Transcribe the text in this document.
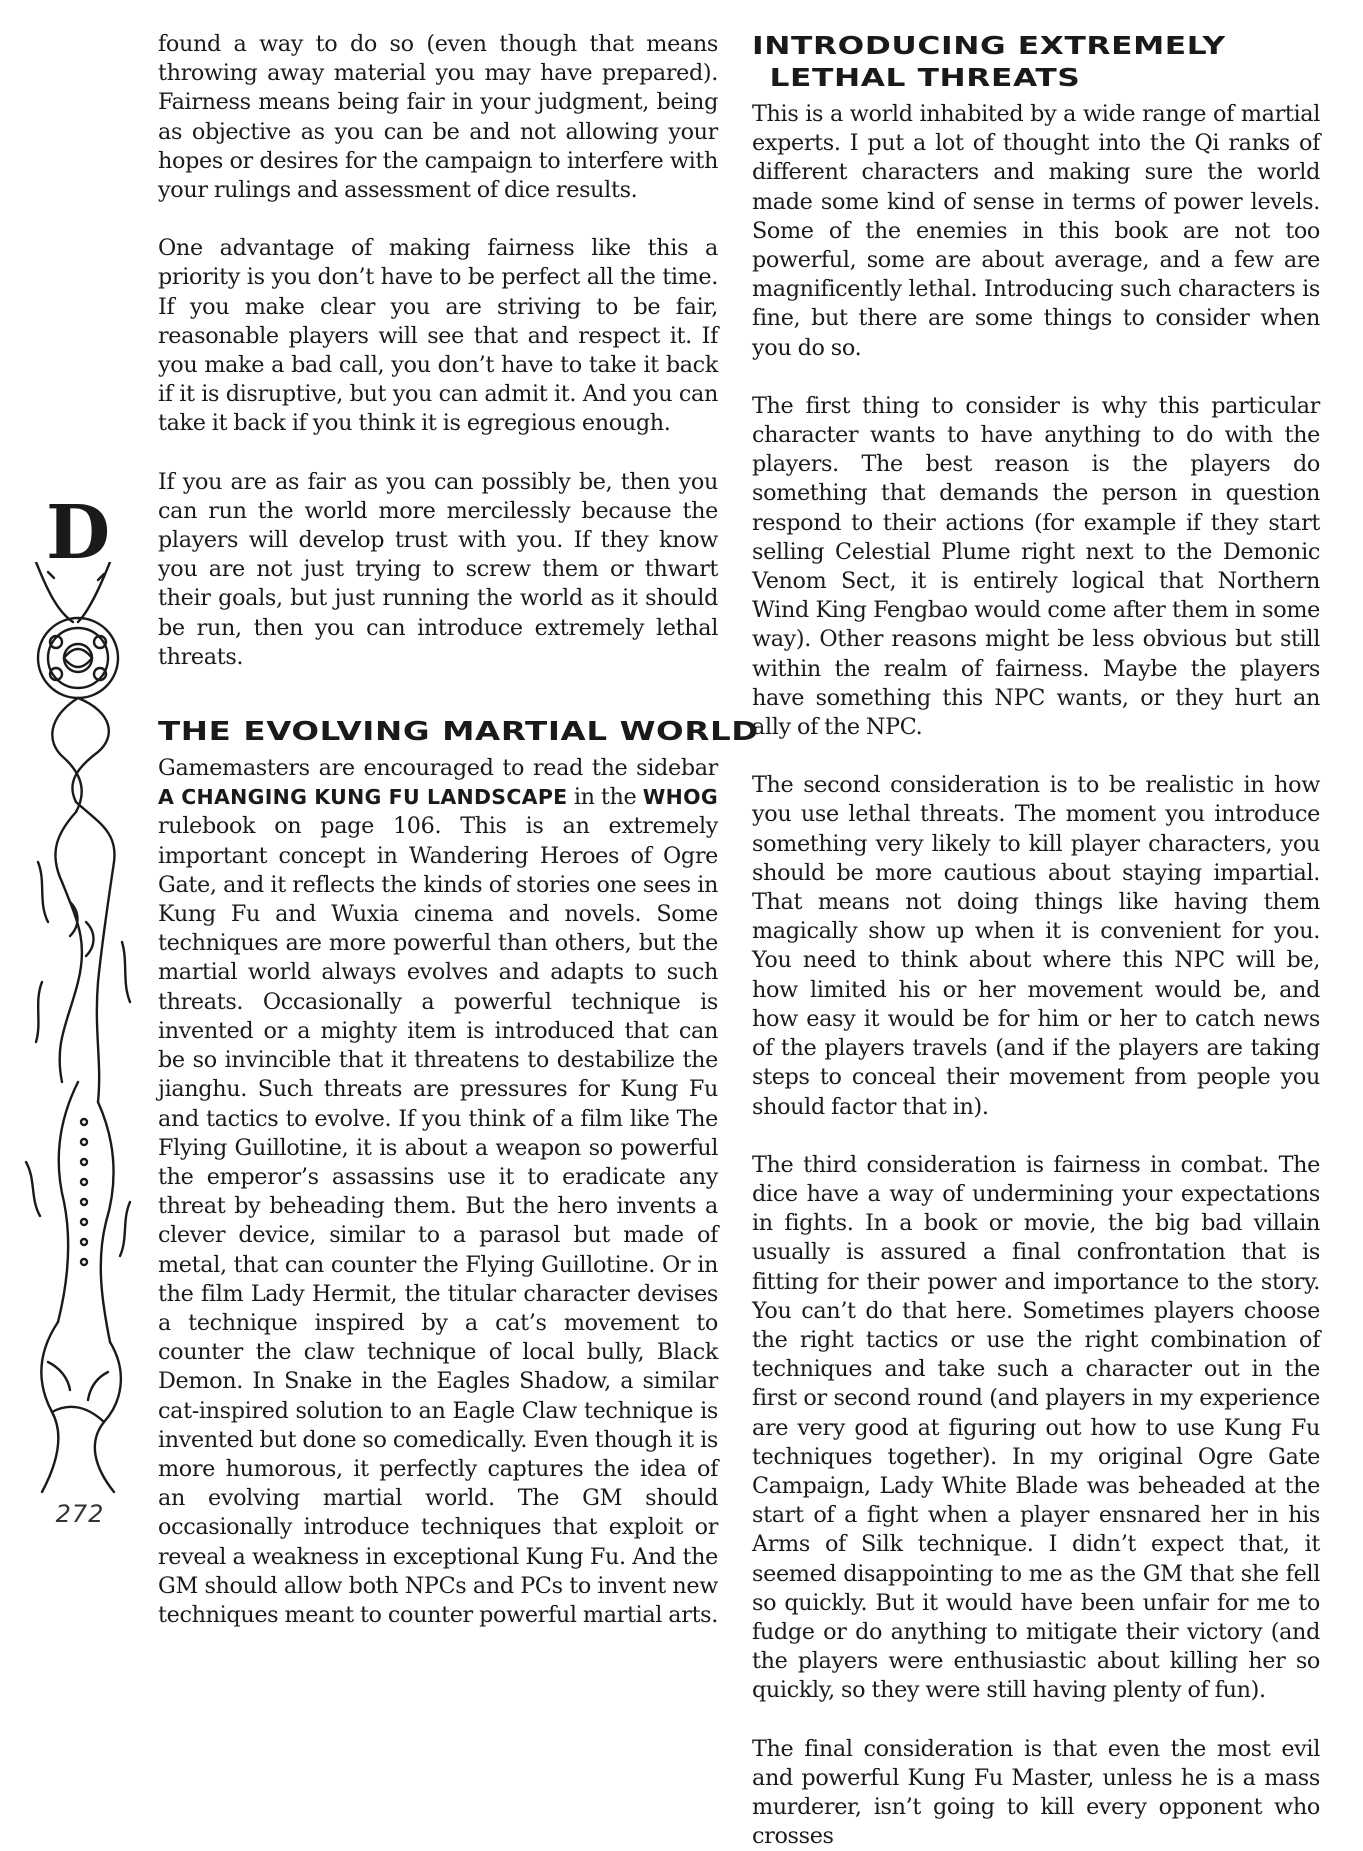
D
272

found a way to do so (even though that means throwing away material you may have prepared). Fairness means being fair in your judgment, being as objective as you can be and not allowing your hopes or desires for the campaign to interfere with your rulings and assessment of dice results.

One advantage of making fairness like this a priority is you don’t have to be perfect all the time. If you make clear you are striving to be fair, reasonable players will see that and respect it. If you make a bad call, you don’t have to take it back if it is disruptive, but you can admit it. And you can take it back if you think it is egregious enough.

If you are as fair as you can possibly be, then you can run the world more mercilessly because the players will develop trust with you. If they know you are not just trying to screw them or thwart their goals, but just running the world as it should be run, then you can introduce extremely lethal threats.

THE EVOLVING MARTIAL WORLD

Gamemasters are encouraged to read the sidebar A CHANGING KUNG FU LANDSCAPE in the WHOG rulebook on page 106. This is an extremely important concept in Wandering Heroes of Ogre Gate, and it reflects the kinds of stories one sees in Kung Fu and Wuxia cinema and novels. Some techniques are more powerful than others, but the martial world always evolves and adapts to such threats. Occasionally a powerful technique is invented or a mighty item is introduced that can be so invincible that it threatens to destabilize the jianghu. Such threats are pressures for Kung Fu and tactics to evolve. If you think of a film like The Flying Guillotine, it is about a weapon so powerful the emperor’s assassins use it to eradicate any threat by beheading them. But the hero invents a clever device, similar to a parasol but made of metal, that can counter the Flying Guillotine. Or in the film Lady Hermit, the titular character devises a technique inspired by a cat’s movement to counter the claw technique of local bully, Black Demon. In Snake in the Eagles Shadow, a similar cat-inspired solution to an Eagle Claw technique is invented but done so comedically. Even though it is more humorous, it perfectly captures the idea of an evolving martial world. The GM should occasionally introduce techniques that exploit or reveal a weakness in exceptional Kung Fu. And the GM should allow both NPCs and PCs to invent new techniques meant to counter powerful martial arts.

INTRODUCING EXTREMELY
LETHAL THREATS

This is a world inhabited by a wide range of martial experts. I put a lot of thought into the Qi ranks of different characters and making sure the world made some kind of sense in terms of power levels. Some of the enemies in this book are not too powerful, some are about average, and a few are magnificently lethal. Introducing such characters is fine, but there are some things to consider when you do so.

The first thing to consider is why this particular character wants to have anything to do with the players. The best reason is the players do something that demands the person in question respond to their actions (for example if they start selling Celestial Plume right next to the Demonic Venom Sect, it is entirely logical that Northern Wind King Fengbao would come after them in some way). Other reasons might be less obvious but still within the realm of fairness. Maybe the players have something this NPC wants, or they hurt an ally of the NPC.

The second consideration is to be realistic in how you use lethal threats. The moment you introduce something very likely to kill player characters, you should be more cautious about staying impartial. That means not doing things like having them magically show up when it is convenient for you. You need to think about where this NPC will be, how limited his or her movement would be, and how easy it would be for him or her to catch news of the players travels (and if the players are taking steps to conceal their movement from people you should factor that in).

The third consideration is fairness in combat. The dice have a way of undermining your expectations in fights. In a book or movie, the big bad villain usually is assured a final confrontation that is fitting for their power and importance to the story. You can’t do that here. Sometimes players choose the right tactics or use the right combination of techniques and take such a character out in the first or second round (and players in my experience are very good at figuring out how to use Kung Fu techniques together). In my original Ogre Gate Campaign, Lady White Blade was beheaded at the start of a fight when a player ensnared her in his Arms of Silk technique. I didn’t expect that, it seemed disappointing to me as the GM that she fell so quickly. But it would have been unfair for me to fudge or do anything to mitigate their victory (and the players were enthusiastic about killing her so quickly, so they were still having plenty of fun).

The final consideration is that even the most evil and powerful Kung Fu Master, unless he is a mass murderer, isn’t going to kill every opponent who crosses
